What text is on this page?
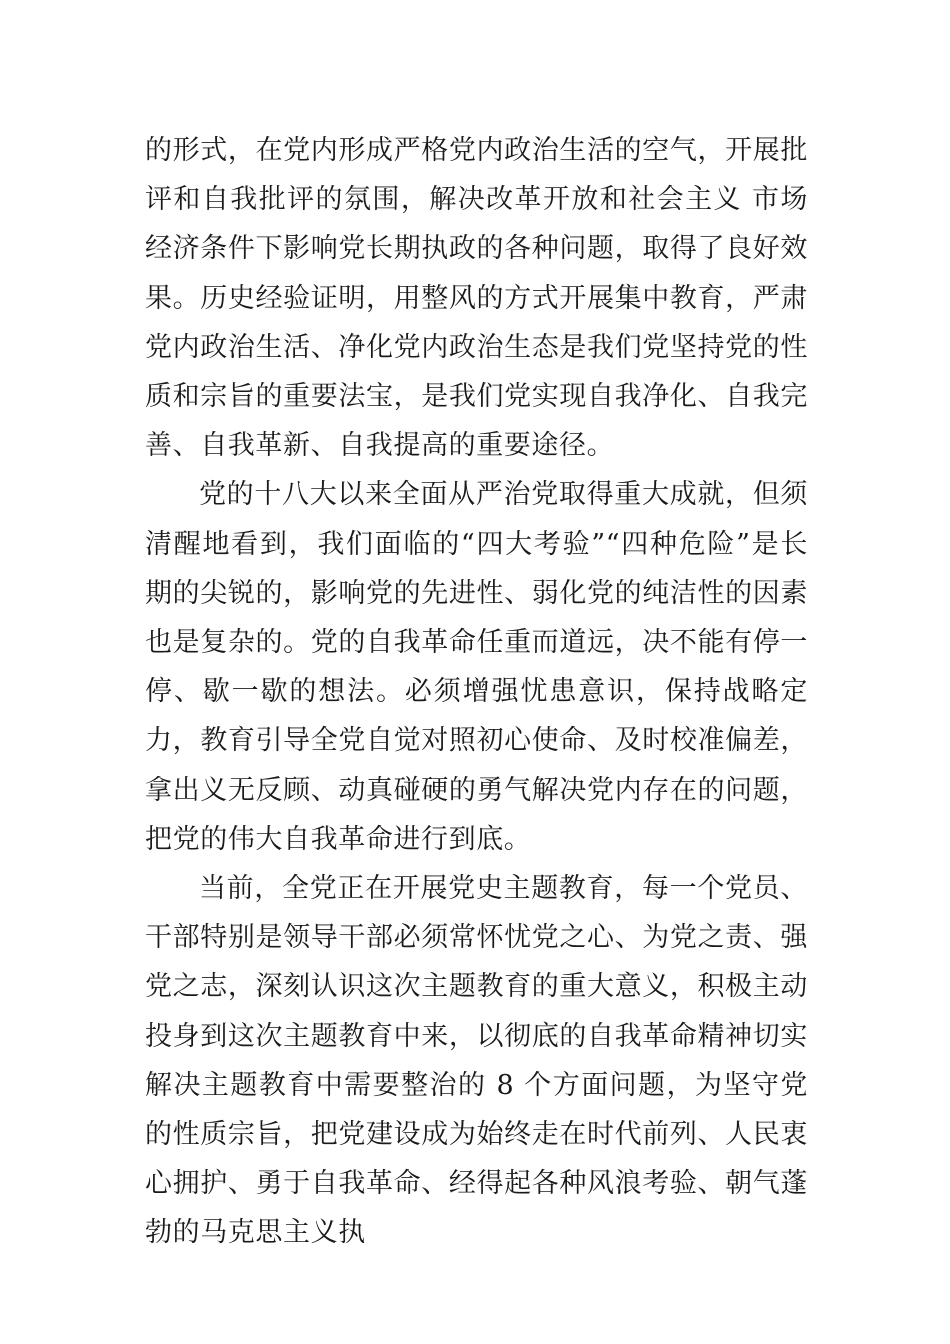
的形式，在党内形成严格党内政治生活的空气，开展批评和自我批评的氛围，解决改革开放和社会主义 市场经济条件下影响党长期执政的各种问题，取得了良好效果。历史经验证明，用整风的方式开展集中教育，严肃党内政治生活、净化党内政治生态是我们党坚持党的性质和宗旨的重要法宝，是我们党实现自我净化、自我完善、自我革新、自我提高的重要途径。

党的十八大以来全面从严治党取得重大成就，但须清醒地看到，我们面临的“四大考验”“四种危险”是长期的尖锐的，影响党的先进性、弱化党的纯洁性的因素也是复杂的。党的自我革命任重而道远，决不能有停一停、歇一歇的想法。必须增强忧患意识，保持战略定力，教育引导全党自觉对照初心使命、及时校准偏差，拿出义无反顾、动真碰硬的勇气解决党内存在的问题，把党的伟大自我革命进行到底。

当前，全党正在开展党史主题教育，每一个党员、干部特别是领导干部必须常怀忧党之心、为党之责、强党之志，深刻认识这次主题教育的重大意义，积极主动投身到这次主题教育中来，以彻底的自我革命精神切实解决主题教育中需要整治的 8 个方面问题，为坚守党的性质宗旨，把党建设成为始终走在时代前列、人民衷心拥护、勇于自我革命、经得起各种风浪考验、朝气蓬勃的马克思主义执
